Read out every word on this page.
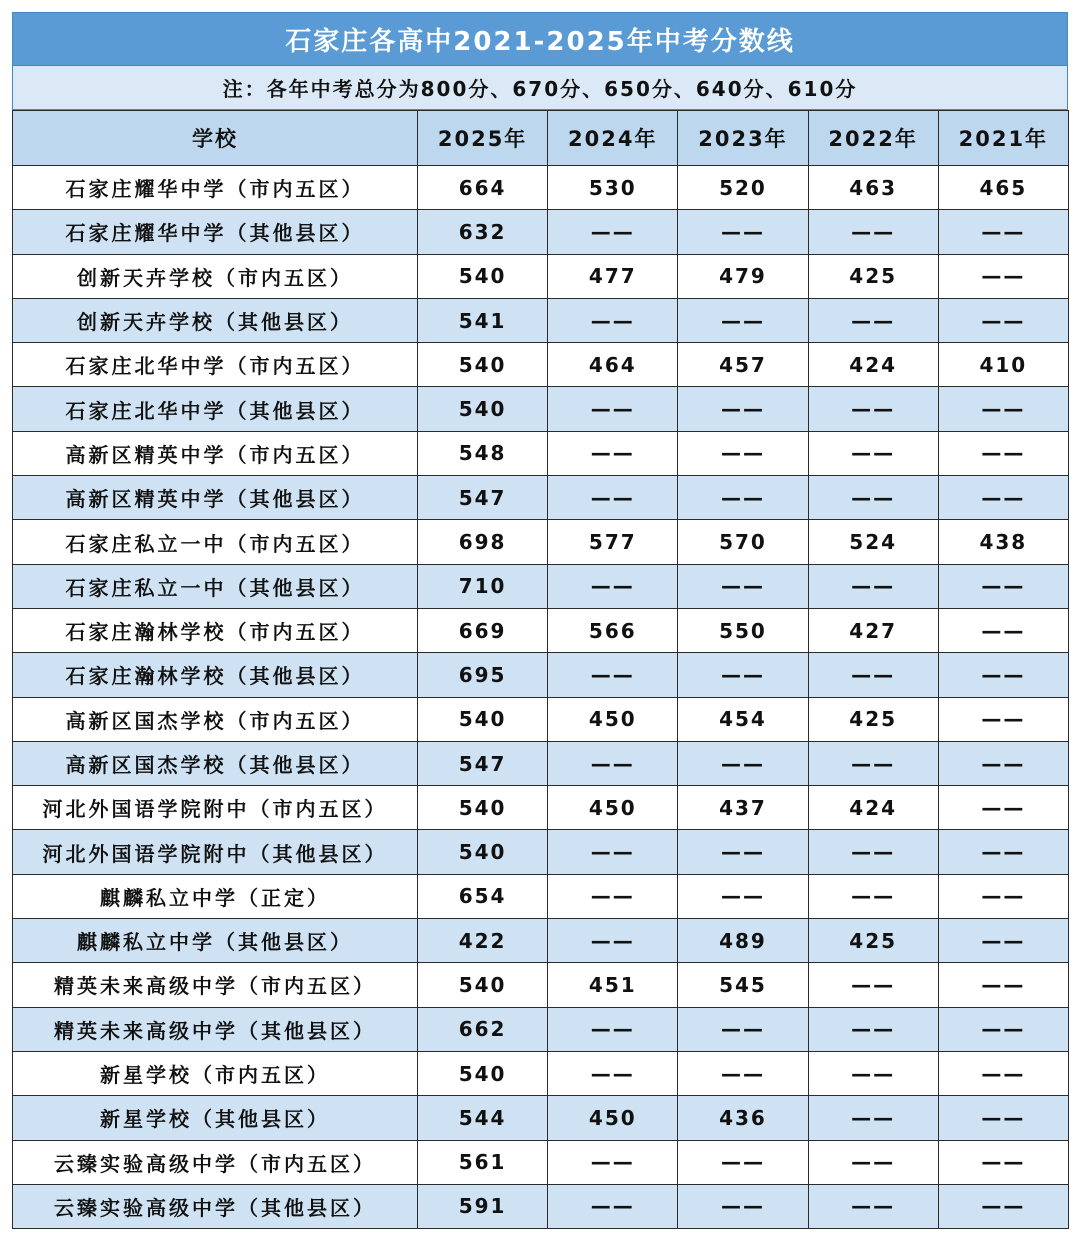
石家庄各高中2021-2025年中考分数线
注：各年中考总分为800分、670分、650分、640分、610分
学校	2025年	2024年	2023年	2022年	2021年
石家庄耀华中学（市内五区）	664	530	520	463	465
石家庄耀华中学（其他县区）	632	——	——	——	——
创新天卉学校（市内五区）	540	477	479	425	——
创新天卉学校（其他县区）	541	——	——	——	——
石家庄北华中学（市内五区）	540	464	457	424	410
石家庄北华中学（其他县区）	540	——	——	——	——
高新区精英中学（市内五区）	548	——	——	——	——
高新区精英中学（其他县区）	547	——	——	——	——
石家庄私立一中（市内五区）	698	577	570	524	438
石家庄私立一中（其他县区）	710	——	——	——	——
石家庄瀚林学校（市内五区）	669	566	550	427	——
石家庄瀚林学校（其他县区）	695	——	——	——	——
高新区国杰学校（市内五区）	540	450	454	425	——
高新区国杰学校（其他县区）	547	——	——	——	——
河北外国语学院附中（市内五区）	540	450	437	424	——
河北外国语学院附中（其他县区）	540	——	——	——	——
麒麟私立中学（正定）	654	——	——	——	——
麒麟私立中学（其他县区）	422	——	489	425	——
精英未来高级中学（市内五区）	540	451	545	——	——
精英未来高级中学（其他县区）	662	——	——	——	——
新星学校（市内五区）	540	——	——	——	——
新星学校（其他县区）	544	450	436	——	——
云臻实验高级中学（市内五区）	561	——	——	——	——
云臻实验高级中学（其他县区）	591	——	——	——	——
